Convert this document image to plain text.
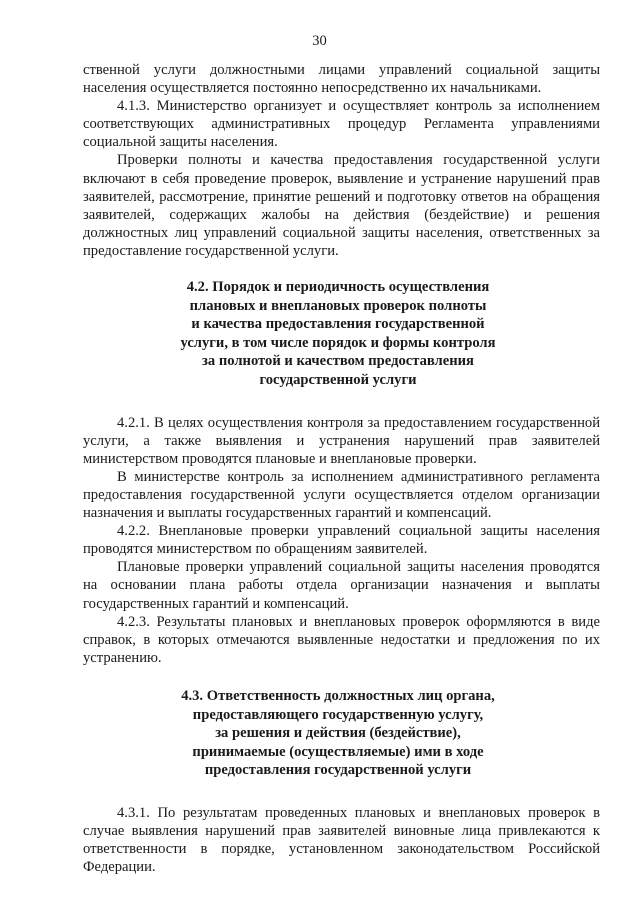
30

ственной услуги должностными лицами управлений социальной защиты населения осуществляется постоянно непосредственно их начальниками.

4.1.3. Министерство организует и осуществляет контроль за исполнением соответствующих административных процедур Регламента управлениями социальной защиты населения.

Проверки полноты и качества предоставления государственной услуги включают в себя проведение проверок, выявление и устранение нарушений прав заявителей, рассмотрение, принятие решений и подготовку ответов на обращения заявителей, содержащих жалобы на действия (бездействие) и решения должностных лиц управлений социальной защиты населения, ответственных за предоставление государственной услуги.

4.2. Порядок и периодичность осуществления
плановых и внеплановых проверок полноты
и качества предоставления государственной
услуги, в том числе порядок и формы контроля
за полнотой и качеством предоставления
государственной услуги

4.2.1. В целях осуществления контроля за предоставлением государственной услуги, а также выявления и устранения нарушений прав заявителей министерством проводятся плановые и внеплановые проверки.

В министерстве контроль за исполнением административного регламента предоставления государственной услуги осуществляется отделом организации назначения и выплаты государственных гарантий и компенсаций.

4.2.2. Внеплановые проверки управлений социальной защиты населения проводятся министерством по обращениям заявителей.

Плановые проверки управлений социальной защиты населения проводятся на основании плана работы отдела организации назначения и выплаты государственных гарантий и компенсаций.

4.2.3. Результаты плановых и внеплановых проверок оформляются в виде справок, в которых отмечаются выявленные недостатки и предложения по их устранению.

4.3. Ответственность должностных лиц органа,
предоставляющего государственную услугу,
за решения и действия (бездействие),
принимаемые (осуществляемые) ими в ходе
предоставления государственной услуги

4.3.1. По результатам проведенных плановых и внеплановых проверок в случае выявления нарушений прав заявителей виновные лица привлекаются к ответственности в порядке, установленном законодательством Российской Федерации.
